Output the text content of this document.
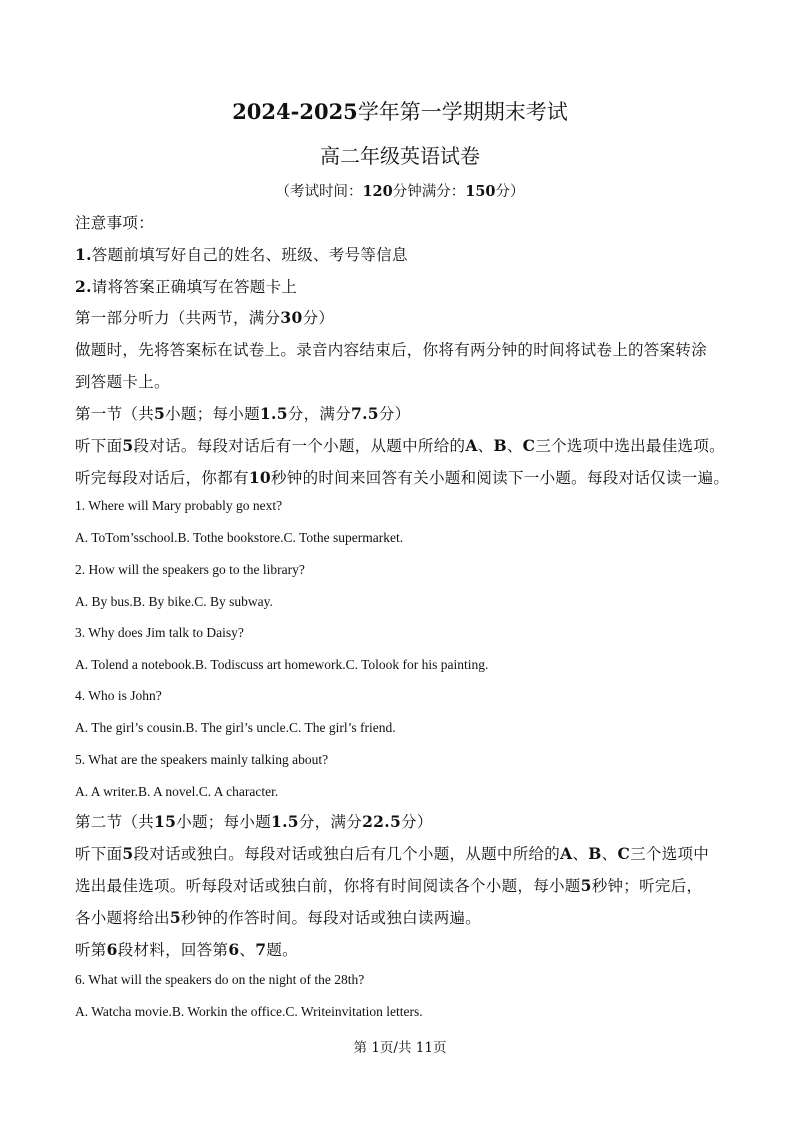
2024-2025学年第一学期期末考试
高二年级英语试卷
（考试时间：120分钟满分：150分）
注意事项：
1.答题前填写好自己的姓名、班级、考号等信息
2.请将答案正确填写在答题卡上
第一部分听力（共两节，满分30分）
做题时，先将答案标在试卷上。录音内容结束后，你将有两分钟的时间将试卷上的答案转涂
到答题卡上。
第一节（共5小题；每小题1.5分，满分7.5分）
听下面5段对话。每段对话后有一个小题，从题中所给的A、B、C三个选项中选出最佳选项。
听完每段对话后，你都有10秒钟的时间来回答有关小题和阅读下一小题。每段对话仅读一遍。
1. Where will Mary probably go next?
A. ToTom’sschool.B. Tothe bookstore.C. Tothe supermarket.
2. How will the speakers go to the library?
A. By bus.B. By bike.C. By subway.
3. Why does Jim talk to Daisy?
A. Tolend a notebook.B. Todiscuss art homework.C. Tolook for his painting.
4. Who is John?
A. The girl’s cousin.B. The girl’s uncle.C. The girl’s friend.
5. What are the speakers mainly talking about?
A. A writer.B. A novel.C. A character.
第二节（共15小题；每小题1.5分，满分22.5分）
听下面5段对话或独白。每段对话或独白后有几个小题，从题中所给的A、B、C三个选项中
选出最佳选项。听每段对话或独白前，你将有时间阅读各个小题，每小题5秒钟；听完后，
各小题将给出5秒钟的作答时间。每段对话或独白读两遍。
听第6段材料，回答第6、7题。
6. What will the speakers do on the night of the 28th?
A. Watcha movie.B. Workin the office.C. Writeinvitation letters.
第 1页/共 11页
